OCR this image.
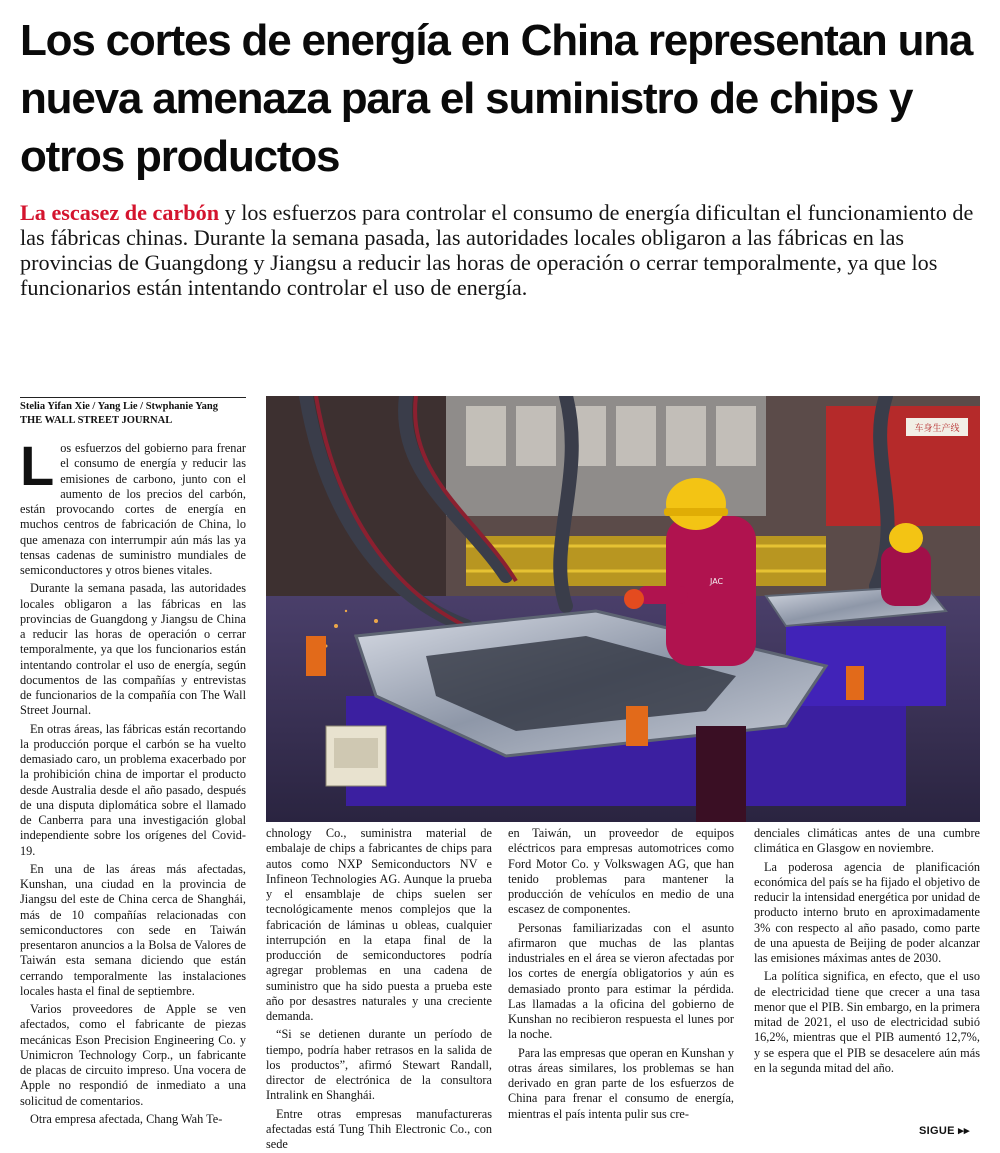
Los cortes de energía en China representan una nueva amenaza para el suministro de chips y otros productos
La escasez de carbón y los esfuerzos para controlar el consumo de energía dificultan el funcionamiento de las fábricas chinas. Durante la semana pasada, las autoridades locales obligaron a las fábricas en las provincias de Guangdong y Jiangsu a reducir las horas de operación o cerrar temporalmente, ya que los funcionarios están intentando controlar el uso de energía.
Stelia Yifan Xie / Yang Lie / Stwphanie Yang
THE WALL STREET JOURNAL
车身生产线
JAC

Los esfuerzos del gobierno para frenar el consumo de energía y reducir las emisiones de carbono, junto con el aumento de los precios del carbón, están provocando cortes de energía en muchos centros de fabricación de China, lo que amenaza con interrumpir aún más las ya tensas cadenas de suministro mundiales de semiconductores y otros bienes vitales.

Durante la semana pasada, las autoridades locales obligaron a las fábricas en las provincias de Guangdong y Jiangsu de China a reducir las horas de operación o cerrar temporalmente, ya que los funcionarios están intentando controlar el uso de energía, según documentos de las compañías y entrevistas de funcionarios de la compañía con The Wall Street Journal.

En otras áreas, las fábricas están recortando la producción porque el carbón se ha vuelto demasiado caro, un problema exacerbado por la prohibición china de importar el producto desde Australia desde el año pasado, después de una disputa diplomática sobre el llamado de Canberra para una investigación global independiente sobre los orígenes del Covid-19.

En una de las áreas más afectadas, Kunshan, una ciudad en la provincia de Jiangsu del este de China cerca de Shanghái, más de 10 compañías relacionadas con semiconductores con sede en Taiwán presentaron anuncios a la Bolsa de Valores de Taiwán esta semana diciendo que están cerrando temporalmente las instalaciones locales hasta el final de septiembre.

Varios proveedores de Apple se ven afectados, como el fabricante de piezas mecánicas Eson Precision Engineering Co. y Unimicron Technology Corp., un fabricante de placas de circuito impreso. Una vocera de Apple no respondió de inmediato a una solicitud de comentarios.

Otra empresa afectada, Chang Wah Te-

chnology Co., suministra material de embalaje de chips a fabricantes de chips para autos como NXP Semiconductors NV e Infineon Technologies AG. Aunque la prueba y el ensamblaje de chips suelen ser tecnológicamente menos complejos que la fabricación de láminas u obleas, cualquier interrupción en la etapa final de la producción de semiconductores podría agregar problemas en una cadena de suministro que ha sido puesta a prueba este año por desastres naturales y una creciente demanda.

“Si se detienen durante un período de tiempo, podría haber retrasos en la salida de los productos”, afirmó Stewart Randall, director de electrónica de la consultora Intralink en Shanghái.

Entre otras empresas manufactureras afectadas está Tung Thih Electronic Co., con sede

en Taiwán, un proveedor de equipos eléctricos para empresas automotrices como Ford Motor Co. y Volkswagen AG, que han tenido problemas para mantener la producción de vehículos en medio de una escasez de componentes.

Personas familiarizadas con el asunto afirmaron que muchas de las plantas industriales en el área se vieron afectadas por los cortes de energía obligatorios y aún es demasiado pronto para estimar la pérdida. Las llamadas a la oficina del gobierno de Kunshan no recibieron respuesta el lunes por la noche.

Para las empresas que operan en Kunshan y otras áreas similares, los problemas se han derivado en gran parte de los esfuerzos de China para frenar el consumo de energía, mientras el país intenta pulir sus cre-

denciales climáticas antes de una cumbre climática en Glasgow en noviembre.

La poderosa agencia de planificación económica del país se ha fijado el objetivo de reducir la intensidad energética por unidad de producto interno bruto en aproximadamente 3% con respecto al año pasado, como parte de una apuesta de Beijing de poder alcanzar las emisiones máximas antes de 2030.

La política significa, en efecto, que el uso de electricidad tiene que crecer a una tasa menor que el PIB. Sin embargo, en la primera mitad de 2021, el uso de electricidad subió 16,2%, mientras que el PIB aumentó 12,7%, y se espera que el PIB se desacelere aún más en la segunda mitad del año.

SIGUE ▸▸
